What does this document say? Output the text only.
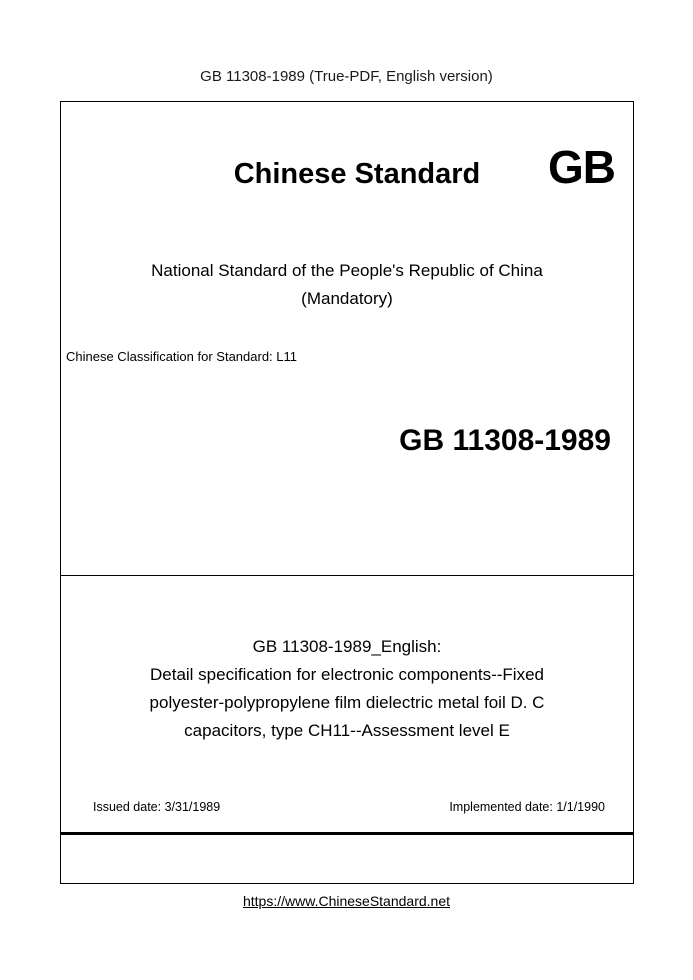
GB 11308-1989 (True-PDF, English version)
GB
Chinese Standard
National Standard of the People's Republic of China
(Mandatory)
Chinese Classification for Standard: L11
GB 11308-1989
GB 11308-1989_English:
Detail specification for electronic components--Fixed
polyester-polypropylene film dielectric metal foil D. C
capacitors, type CH11--Assessment level E
Issued date: 3/31/1989	Implemented date: 1/1/1990
https://www.ChineseStandard.net
